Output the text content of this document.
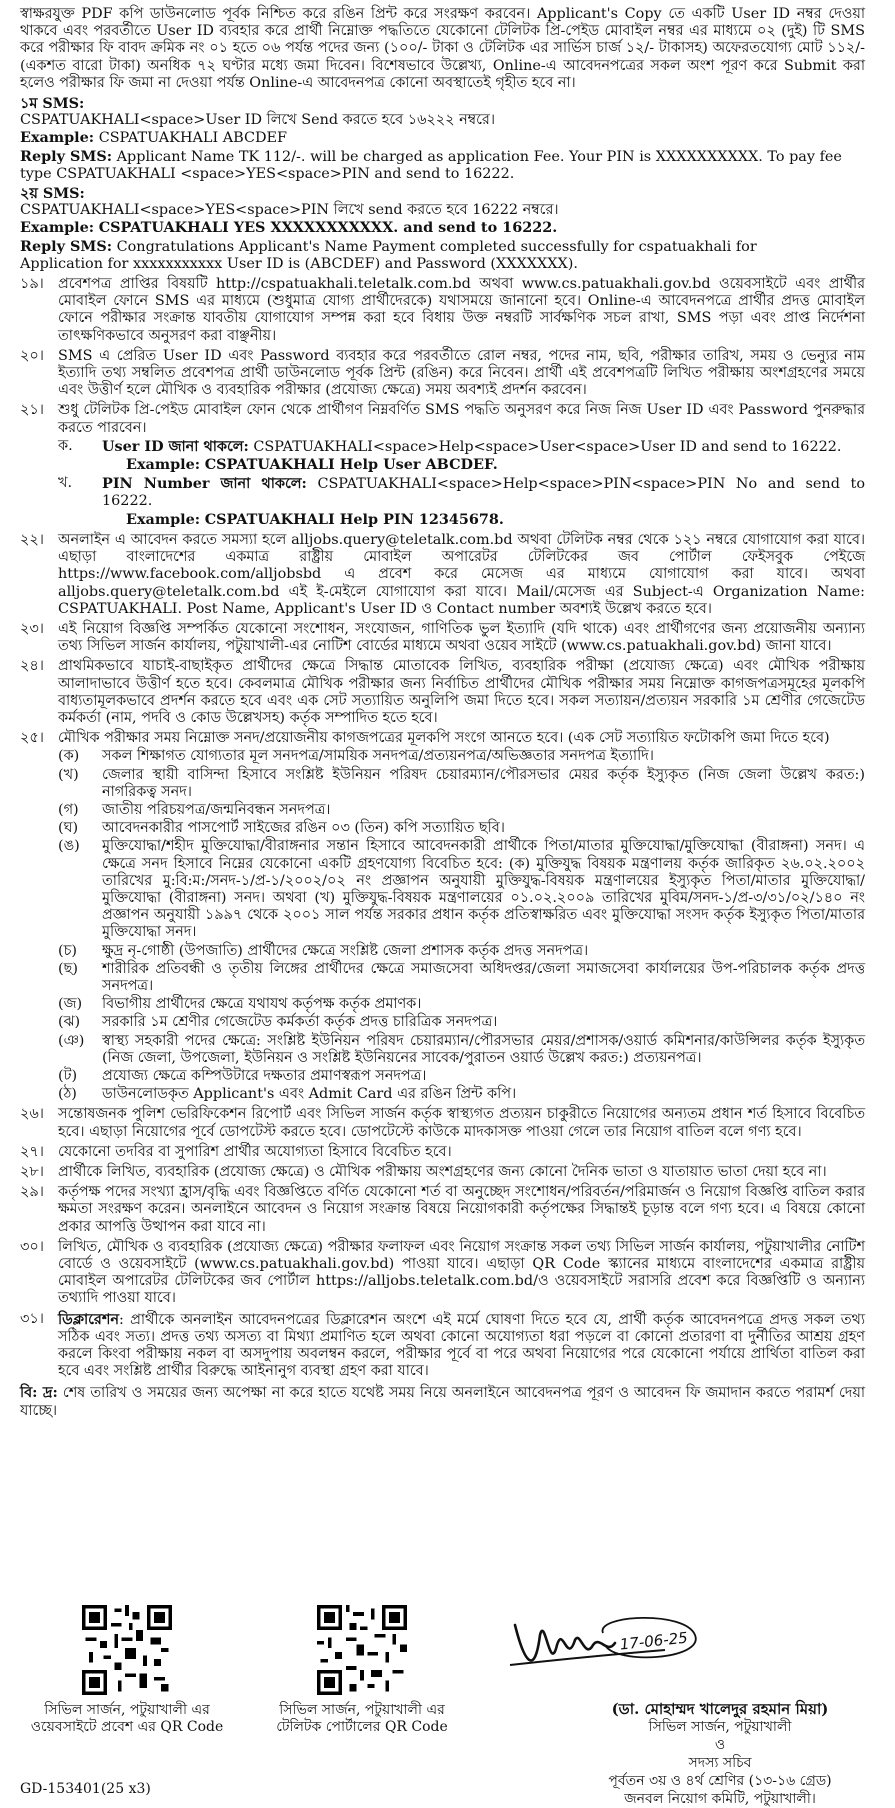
স্বাক্ষরযুক্ত PDF কপি ডাউনলোড পূর্বক নিশ্চিত করে রঙিন প্রিন্ট করে সংরক্ষণ করবেন। Applicant's Copy তে একটি User ID নম্বর দেওয়া থাকবে এবং পরবর্তীতে User ID ব্যবহার করে প্রার্থী নিম্নোক্ত পদ্ধতিতে যেকোনো টেলিটক প্রি-পেইড মোবাইল নম্বর এর মাধ্যমে ০২ (দুই) টি SMS করে পরীক্ষার ফি বাবদ ক্রমিক নং ০১ হতে ০৬ পর্যন্ত পদের জন্য (১০০/- টাকা ও টেলিটক এর সার্ভিস চার্জ ১২/- টাকাসহ) অফেরতযোগ্য মোট ১১২/- (একশত বারো টাকা) অনধিক ৭২ ঘণ্টার মধ্যে জমা দিবেন। বিশেষভাবে উল্লেখ্য, Online-এ আবেদনপত্রের সকল অংশ পূরণ করে Submit করা হলেও পরীক্ষার ফি জমা না দেওয়া পর্যন্ত Online-এ আবেদনপত্র কোনো অবস্থাতেই গৃহীত হবে না।
১ম SMS:
CSPATUAKHALI<space>User ID লিখে Send করতে হবে ১৬২২২ নম্বরে।
Example: CSPATUAKHALI ABCDEF
Reply SMS: Applicant Name TK 112/-. will be charged as application Fee. Your PIN is XXXXXXXXXX. To pay fee type CSPATUAKHALI <space>YES<space>PIN and send to 16222.
২য় SMS:
CSPATUAKHALI<space>YES<space>PIN লিখে send করতে হবে 16222 নম্বরে।
Example: CSPATUAKHALI YES XXXXXXXXXXX. and send to 16222.
Reply SMS: Congratulations Applicant's Name Payment completed successfully for cspatuakhali for
Application for xxxxxxxxxxx User ID is (ABCDEF) and Password (XXXXXXX).
১৯। প্রবেশপত্র প্রাপ্তির বিষয়টি http://cspatuakhali.teletalk.com.bd অথবা www.cs.patuakhali.gov.bd ওয়েবসাইটে এবং প্রার্থীর মোবাইল ফোনে SMS এর মাধ্যমে (শুধুমাত্র যোগ্য প্রার্থীদেরকে) যথাসময়ে জানানো হবে। Online-এ আবেদনপত্রে প্রার্থীর প্রদত্ত মোবাইল ফোনে পরীক্ষার সংক্রান্ত যাবতীয় যোগাযোগ সম্পন্ন করা হবে বিধায় উক্ত নম্বরটি সার্বক্ষণিক সচল রাখা, SMS পড়া এবং প্রাপ্ত নির্দেশনা তাৎক্ষণিকভাবে অনুসরণ করা বাঞ্ছনীয়।
২০। SMS এ প্রেরিত User ID এবং Password ব্যবহার করে পরবর্তীতে রোল নম্বর, পদের নাম, ছবি, পরীক্ষার তারিখ, সময় ও ভেন্যুর নাম ইত্যাদি তথ্য সম্বলিত প্রবেশপত্র প্রার্থী ডাউনলোড পূর্বক প্রিন্ট (রঙিন) করে নিবেন। প্রার্থী এই প্রবেশপত্রটি লিখিত পরীক্ষায় অংশগ্রহণের সময়ে এবং উত্তীর্ণ হলে মৌখিক ও ব্যবহারিক পরীক্ষার (প্রযোজ্য ক্ষেত্রে) সময় অবশ্যই প্রদর্শন করবেন।
২১। শুধু টেলিটক প্রি-পেইড মোবাইল ফোন থেকে প্রার্থীগণ নিম্নবর্ণিত SMS পদ্ধতি অনুসরণ করে নিজ নিজ User ID এবং Password পুনরুদ্ধার করতে পারবেন।
ক.	User ID জানা থাকলে: CSPATUAKHALI<space>Help<space>User<space>User ID and send to 16222.
Example: CSPATUAKHALI Help User ABCDEF.
খ.	PIN Number জানা থাকলে: CSPATUAKHALI<space>Help<space>PIN<space>PIN No and send to 16222.
Example: CSPATUAKHALI Help PIN 12345678.
২২। অনলাইন এ আবেদন করতে সমস্যা হলে alljobs.query@teletalk.com.bd অথবা টেলিটক নম্বর থেকে ১২১ নম্বরে যোগাযোগ করা যাবে। এছাড়া বাংলাদেশের একমাত্র রাষ্ট্রীয় মোবাইল অপারেটর টেলিটকের জব পোর্টাল ফেইসবুক পেইজে https://www.facebook.com/alljobsbd এ প্রবেশ করে মেসেজ এর মাধ্যমে যোগাযোগ করা যাবে। অথবা alljobs.query@teletalk.com.bd এই ই-মেইলে যোগাযোগ করা যাবে। Mail/মেসেজ এর Subject-এ Organization Name: CSPATUAKHALI. Post Name, Applicant's User ID ও Contact number অবশ্যই উল্লেখ করতে হবে।
২৩। এই নিয়োগ বিজ্ঞপ্তি সম্পর্কিত যেকোনো সংশোধন, সংযোজন, গাণিতিক ভুল ইত্যাদি (যদি থাকে) এবং প্রার্থীগণের জন্য প্রয়োজনীয় অন্যান্য তথ্য সিভিল সার্জন কার্যালয়, পটুয়াখালী-এর নোটিশ বোর্ডের মাধ্যমে অথবা ওয়েব সাইটে (www.cs.patuakhali.gov.bd) জানা যাবে।
২৪। প্রাথমিকভাবে যাচাই-বাছাইকৃত প্রার্থীদের ক্ষেত্রে সিদ্ধান্ত মোতাবেক লিখিত, ব্যবহারিক পরীক্ষা (প্রযোজ্য ক্ষেত্রে) এবং মৌখিক পরীক্ষায় আলাদাভাবে উত্তীর্ণ হতে হবে। কেবলমাত্র মৌখিক পরীক্ষার জন্য নির্বাচিত প্রার্থীদের মৌখিক পরীক্ষার সময় নিম্নোক্ত কাগজপত্রসমূহের মূলকপি বাধ্যতামূলকভাবে প্রদর্শন করতে হবে এবং এক সেট সত্যায়িত অনুলিপি জমা দিতে হবে। সকল সত্যায়ন/প্রত্যয়ন সরকারি ১ম শ্রেণীর গেজেটেড কর্মকর্তা (নাম, পদবি ও কোড উল্লেখসহ) কর্তৃক সম্পাদিত হতে হবে।
২৫। মৌখিক পরীক্ষার সময় নিম্নোক্ত সনদ/প্রয়োজনীয় কাগজপত্রের মূলকপি সংগে আনতে হবে। (এক সেট সত্যায়িত ফটোকপি জমা দিতে হবে)
(ক)	সকল শিক্ষাগত যোগ্যতার মূল সনদপত্র/সাময়িক সনদপত্র/প্রত্যয়নপত্র/অভিজ্ঞতার সনদপত্র ইত্যাদি।
(খ)	জেলার স্থায়ী বাসিন্দা হিসাবে সংশ্লিষ্ট ইউনিয়ন পরিষদ চেয়ারম্যান/পৌরসভার মেয়র কর্তৃক ইস্যুকৃত (নিজ জেলা উল্লেখ করত:) নাগরিকত্ব সনদ।
(গ)	জাতীয় পরিচয়পত্র/জন্মনিবন্ধন সনদপত্র।
(ঘ)	আবেদনকারীর পাসপোর্ট সাইজের রঙিন ০৩ (তিন) কপি সত্যায়িত ছবি।
(ঙ)	মুক্তিযোদ্ধা/শহীদ মুক্তিযোদ্ধা/বীরাঙ্গনার সন্তান হিসাবে আবেদনকারী প্রার্থীকে পিতা/মাতার মুক্তিযোদ্ধা/মুক্তিযোদ্ধা (বীরাঙ্গনা) সনদ। এ ক্ষেত্রে সনদ হিসাবে নিম্নের যেকোনো একটি গ্রহণযোগ্য বিবেচিত হবে: (ক) মুক্তিযুদ্ধ বিষয়ক মন্ত্রণালয় কর্তৃক জারিকৃত ২৬.০২.২০০২ তারিখের মু:বি:ম:/সনদ-১/প্র-১/২০০২/০২ নং প্রজ্ঞাপন অনুযায়ী মুক্তিযুদ্ধ-বিষয়ক মন্ত্রণালয়ের ইস্যুকৃত পিতা/মাতার মুক্তিযোদ্ধা/মুক্তিযোদ্ধা (বীরাঙ্গনা) সনদ। অথবা (খ) মুক্তিযুদ্ধ-বিষয়ক মন্ত্রণালয়ের ০১.০২.২০০৯ তারিখের মুবিম/সনদ-১/প্র-৩/৩১/০২/১৪০ নং প্রজ্ঞাপন অনুযায়ী ১৯৯৭ থেকে ২০০১ সাল পর্যন্ত সরকার প্রধান কর্তৃক প্রতিস্বাক্ষরিত এবং মুক্তিযোদ্ধা সংসদ কর্তৃক ইস্যুকৃত পিতা/মাতার মুক্তিযোদ্ধা সনদ।
(চ)	ক্ষুদ্র নৃ-গোষ্ঠী (উপজাতি) প্রার্থীদের ক্ষেত্রে সংশ্লিষ্ট জেলা প্রশাসক কর্তৃক প্রদত্ত সনদপত্র।
(ছ)	শারীরিক প্রতিবন্ধী ও তৃতীয় লিঙ্গের প্রার্থীদের ক্ষেত্রে সমাজসেবা অধিদপ্তর/জেলা সমাজসেবা কার্যালয়ের উপ-পরিচালক কর্তৃক প্রদত্ত সনদপত্র।
(জ)	বিভাগীয় প্রার্থীদের ক্ষেত্রে যথাযথ কর্তৃপক্ষ কর্তৃক প্রমাণক।
(ঝ)	সরকারি ১ম শ্রেণীর গেজেটেড কর্মকর্তা কর্তৃক প্রদত্ত চারিত্রিক সনদপত্র।
(ঞ)	স্বাস্থ্য সহকারী পদের ক্ষেত্রে: সংশ্লিষ্ট ইউনিয়ন পরিষদ চেয়ারম্যান/পৌরসভার মেয়র/প্রশাসক/ওয়ার্ড কমিশনার/কাউন্সিলর কর্তৃক ইস্যুকৃত (নিজ জেলা, উপজেলা, ইউনিয়ন ও সংশ্লিষ্ট ইউনিয়নের সাবেক/পুরাতন ওয়ার্ড উল্লেখ করত:) প্রত্যয়নপত্র।
(ট)	প্রযোজ্য ক্ষেত্রে কম্পিউটারে দক্ষতার প্রমাণস্বরূপ সনদপত্র।
(ঠ)	ডাউনলোডকৃত Applicant's এবং Admit Card এর রঙিন প্রিন্ট কপি।
২৬। সন্তোষজনক পুলিশ ভেরিফিকেশন রিপোর্ট এবং সিভিল সার্জন কর্তৃক স্বাস্থ্যগত প্রত্যয়ন চাকুরীতে নিয়োগের অন্যতম প্রধান শর্ত হিসাবে বিবেচিত হবে। এছাড়া নিয়োগের পূর্বে ডোপটেস্ট করতে হবে। ডোপটেস্টে কাউকে মাদকাসক্ত পাওয়া গেলে তার নিয়োগ বাতিল বলে গণ্য হবে।
২৭। যেকোনো তদবির বা সুপারিশ প্রার্থীর অযোগ্যতা হিসাবে বিবেচিত হবে।
২৮। প্রার্থীকে লিখিত, ব্যবহারিক (প্রযোজ্য ক্ষেত্রে) ও মৌখিক পরীক্ষায় অংশগ্রহণের জন্য কোনো দৈনিক ভাতা ও যাতায়াত ভাতা দেয়া হবে না।
২৯। কর্তৃপক্ষ পদের সংখ্যা হ্রাস/বৃদ্ধি এবং বিজ্ঞপ্তিতে বর্ণিত যেকোনো শর্ত বা অনুচ্ছেদ সংশোধন/পরিবর্তন/পরিমার্জন ও নিয়োগ বিজ্ঞপ্তি বাতিল করার ক্ষমতা সংরক্ষণ করেন। অনলাইনে আবেদন ও নিয়োগ সংক্রান্ত বিষয়ে নিয়োগকারী কর্তৃপক্ষের সিদ্ধান্তই চূড়ান্ত বলে গণ্য হবে। এ বিষয়ে কোনো প্রকার আপত্তি উত্থাপন করা যাবে না।
৩০। লিখিত, মৌখিক ও ব্যবহারিক (প্রযোজ্য ক্ষেত্রে) পরীক্ষার ফলাফল এবং নিয়োগ সংক্রান্ত সকল তথ্য সিভিল সার্জন কার্যালয়, পটুয়াখালীর নোটিশ বোর্ডে ও ওয়েবসাইটে (www.cs.patuakhali.gov.bd) পাওয়া যাবে। এছাড়া QR Code স্ক্যানের মাধ্যমে বাংলাদেশের একমাত্র রাষ্ট্রীয় মোবাইল অপারেটর টেলিটকের জব পোর্টাল https://alljobs.teletalk.com.bd/ও ওয়েবসাইটে সরাসরি প্রবেশ করে বিজ্ঞপ্তিটি ও অন্যান্য তথ্যাদি পাওয়া যাবে।
৩১। ডিক্লারেশন: প্রার্থীকে অনলাইন আবেদনপত্রের ডিক্লারেশন অংশে এই মর্মে ঘোষণা দিতে হবে যে, প্রার্থী কর্তৃক আবেদনপত্রে প্রদত্ত সকল তথ্য সঠিক এবং সত্য। প্রদত্ত তথ্য অসত্য বা মিথ্যা প্রমাণিত হলে অথবা কোনো অযোগ্যতা ধরা পড়লে বা কোনো প্রতারণা বা দুর্নীতির আশ্রয় গ্রহণ করলে কিংবা পরীক্ষায় নকল বা অসদুপায় অবলম্বন করলে, পরীক্ষার পূর্বে বা পরে অথবা নিয়োগের পরে যেকোনো পর্যায়ে প্রার্থিতা বাতিল করা হবে এবং সংশ্লিষ্ট প্রার্থীর বিরুদ্ধে আইনানুগ ব্যবস্থা গ্রহণ করা যাবে।
বি: দ্র: শেষ তারিখ ও সময়ের জন্য অপেক্ষা না করে হাতে যথেষ্ট সময় নিয়ে অনলাইনে আবেদনপত্র পূরণ ও আবেদন ফি জমাদান করতে পরামর্শ দেয়া যাচ্ছে।
সিভিল সার্জন, পটুয়াখালী এর
ওয়েবসাইটে প্রবেশ এর QR Code
সিভিল সার্জন, পটুয়াখালী এর
টেলিটক পোর্টালের QR Code
17-06-25
(ডা. মোহাম্মদ খালেদুর রহমান মিয়া)
সিভিল সার্জন, পটুয়াখালী
ও
সদস্য সচিব
পূর্বতন ৩য় ও ৪র্থ শ্রেণির (১৩-১৬ গ্রেড)
জনবল নিয়োগ কমিটি, পটুয়াখালী।
GD-153401(25 x3)
